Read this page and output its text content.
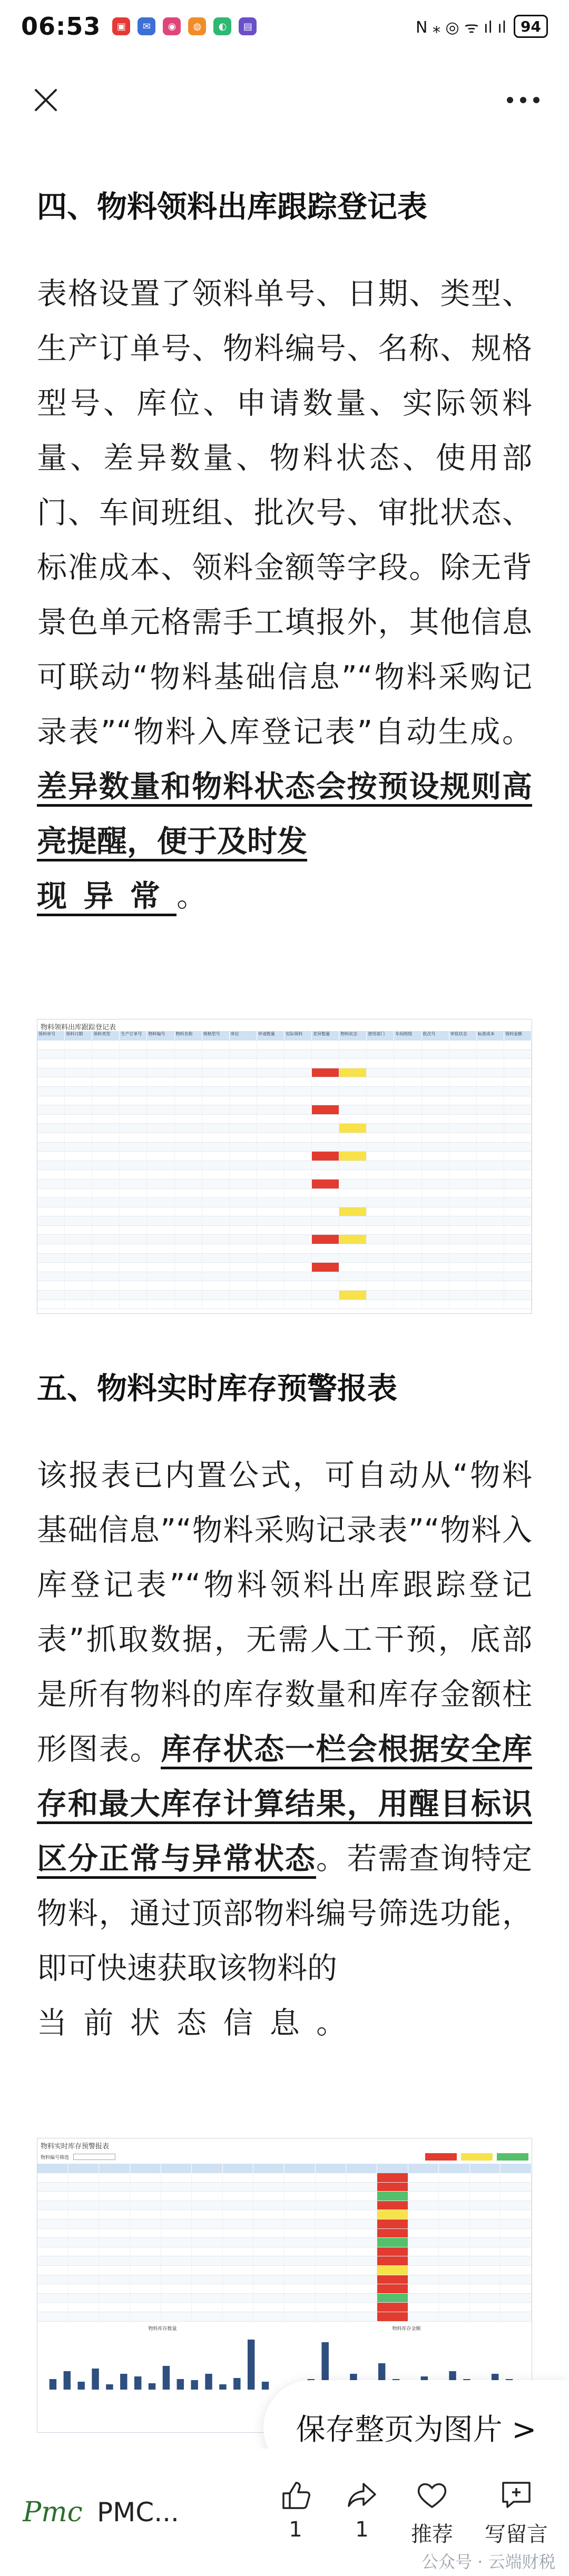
06:53	▣	✉	◉	◍	◐	▤	N ⁎ ◎ ᯤ ıl ıl 94
四、物料领料出库跟踪登记表

表格设置了领料单号、日期、类型、生产订单号、物料编号、名称、规格型号、库位、申请数量、实际领料量、差异数量、物料状态、使用部门、车间班组、批次号、审批状态、标准成本、领料金额等字段。除无背景色单元格需手工填报外，其他信息可联动“物料基础信息”“物料采购记录表”“物料入库登记表”自动生成。差异数量和物料状态会按预设规则高亮提醒，便于及时发
现异常。

物料领料出库跟踪登记表
领料单号	领料日期	领料类型	生产订单号	物料编号	物料名称	规格型号	库位	申请数量	实际领料	差异数量	物料状态	使用部门	车间班组	批次号	审批状态	标准成本	领料金额
五、物料实时库存预警报表

该报表已内置公式，可自动从“物料基础信息”“物料采购记录表”“物料入库登记表”“物料领料出库跟踪登记表”抓取数据，无需人工干预，底部是所有物料的库存数量和库存金额柱形图表。库存状态一栏会根据安全库存和最大库存计算结果，用醒目标识区分正常与异常状态。若需查询特定物料，通过顶部物料编号筛选功能，即可快速获取该物料的
当前状态信息。

物料实时库存预警报表
物料编号筛选
物料库存数量	物料库存金额
保存整页为图片 >
Pmc PMC...
1	1 推荐 写留言
公众号 · 云端财税
